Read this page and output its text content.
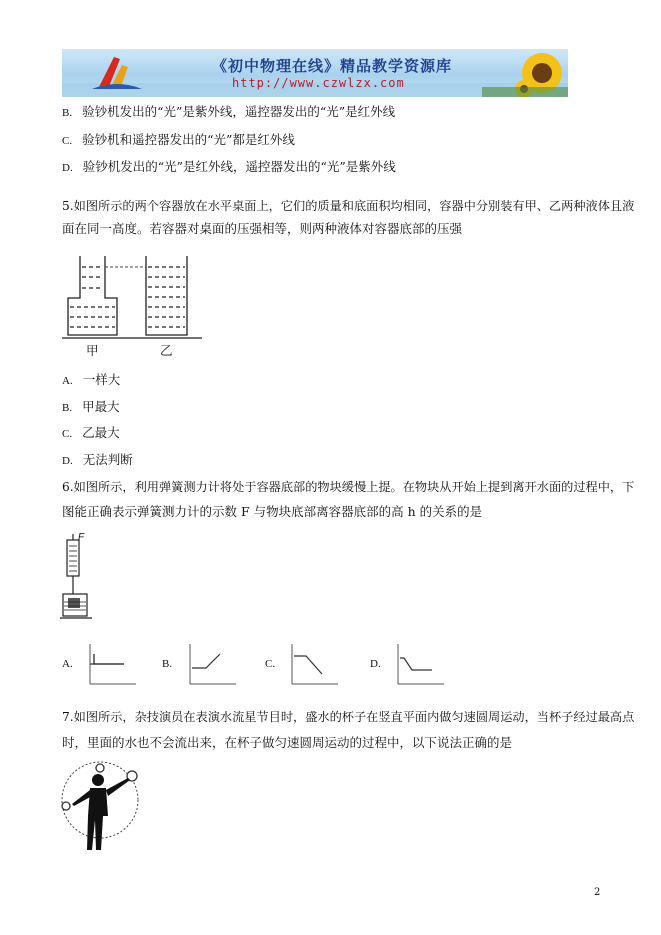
《初中物理在线》精品教学资源库
http://www.czwlzx.com
B. 验钞机发出的“光”是紫外线，遥控器发出的“光”是红外线
C. 验钞机和遥控器发出的“光”都是红外线
D. 验钞机发出的“光”是红外线，遥控器发出的“光”是紫外线
5.如图所示的两个容器放在水平桌面上，它们的质量和底面积均相同，容器中分别装有甲、乙两种液体且液
面在同一高度。若容器对桌面的压强相等，则两种液体对容器底部的压强
甲	乙
A. 一样大
B. 甲最大
C. 乙最大
D. 无法判断
6.如图所示，利用弹簧测力计将处于容器底部的物块缓慢上提。在物块从开始上提到离开水面的过程中，下
图能正确表示弹簧测力计的示数 F 与物块底部离容器底部的高 h 的关系的是
F
A.	B.	C.	D.
7.如图所示，杂技演员在表演水流星节目时，盛水的杯子在竖直平面内做匀速圆周运动，当杯子经过最高点
时，里面的水也不会流出来，在杯子做匀速圆周运动的过程中，以下说法正确的是
2
